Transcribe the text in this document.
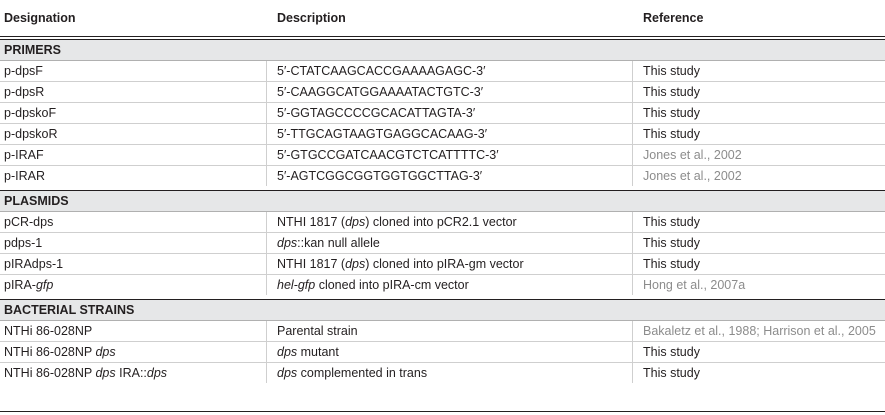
Designation	Description	Reference
PRIMERS
p-dpsF	5′-CTATCAAGCACCGAAAAGAGC-3′	This study
p-dpsR	5′-CAAGGCATGGAAAATACTGTC-3′	This study
p-dpskoF	5′-GGTAGCCCCGCACATTAGTA-3′	This study
p-dpskoR	5′-TTGCAGTAAGTGAGGCACAAG-3′	This study
p-IRAF	5′-GTGCCGATCAACGTCTCATTTTC-3′	Jones et al., 2002
p-IRAR	5′-AGTCGGCGGTGGTGGCTTAG-3′	Jones et al., 2002
PLASMIDS
pCR-dps	NTHI 1817 (dps) cloned into pCR2.1 vector	This study
pdps-1	dps::kan null allele	This study
pIRAdps-1	NTHI 1817 (dps) cloned into pIRA-gm vector	This study
pIRA-gfp	hel-gfp cloned into pIRA-cm vector	Hong et al., 2007a
BACTERIAL STRAINS
NTHi 86-028NP	Parental strain	Bakaletz et al., 1988; Harrison et al., 2005
NTHi 86-028NP dps	dps mutant	This study
NTHi 86-028NP dps IRA::dps	dps complemented in trans	This study
